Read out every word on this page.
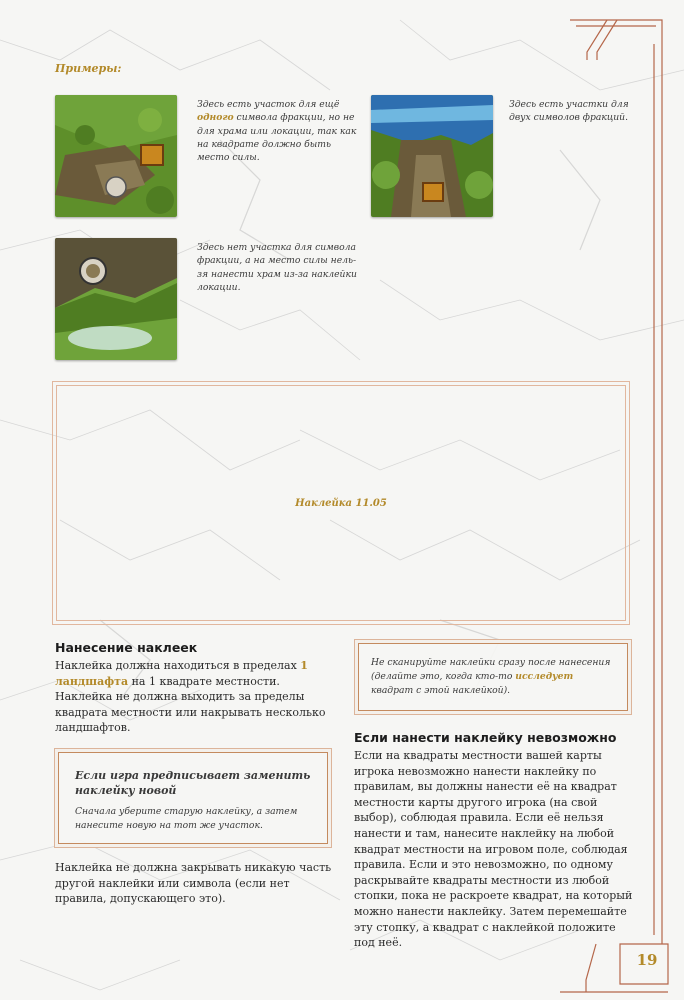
Примеры:
Здесь есть участок для ещё одного символа фракции, но не для храма или локации, так как на квадрате должно быть место силы.
Здесь есть участки для двух символов фракций.
Здесь нет участка для символа фракции, а на место силы нель-зя нанести храм из-за наклейки локации.
Наклейка 11.05
Нанесение наклеек
Наклейка должна находиться в пределах 1 ландшафта на 1 квадрате местности. Наклейка не должна выходить за пределы квадрата местности или накрывать несколько ландшафтов.
Если игра предписывает заменить наклейку новой
Сначала уберите старую наклейку, а затем нанесите новую на тот же участок.
Наклейка не должна закрывать никакую часть другой наклейки или символа (если нет правила, допускающего это).
Не сканируйте наклейки сразу после нанесения (делайте это, когда кто-то исследует квадрат с этой наклейкой).
Если нанести наклейку невозможно
Если на квадраты местности вашей карты игрока невозможно нанести наклейку по правилам, вы должны нанести её на квадрат местности карты другого игрока (на свой выбор), соблюдая правила. Если её нельзя нанести и там, нанесите наклейку на любой квадрат местности на игровом поле, соблюдая правила. Если и это невозможно, по одному раскрывайте квадраты местности из любой стопки, пока не раскроете квадрат, на который можно нанести наклейку. Затем перемешайте эту стопку, а квадрат с наклейкой положите под неё.
19
